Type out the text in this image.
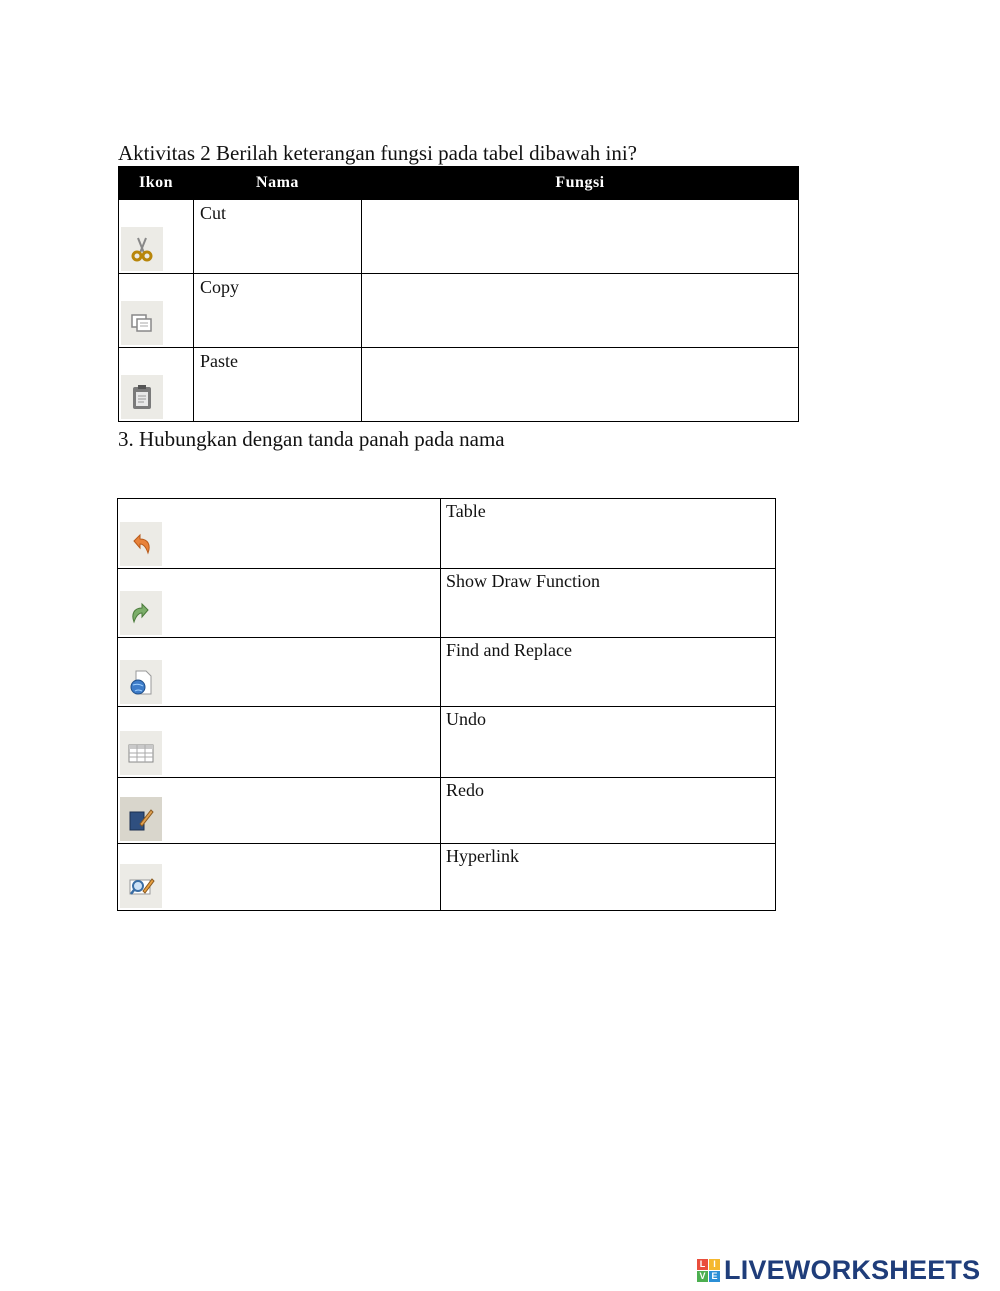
Aktivitas 2 Berilah keterangan fungsi pada tabel dibawah ini?
Ikon	Nama	Fungsi

	Cut	

	Copy	

	Paste	
3. Hubungkan dengan tanda panah pada nama
	Table

	Show Draw Function

	Find and Replace

	Undo

	Redo

	Hyperlink
L I
V E LIVEWORKSHEETS
